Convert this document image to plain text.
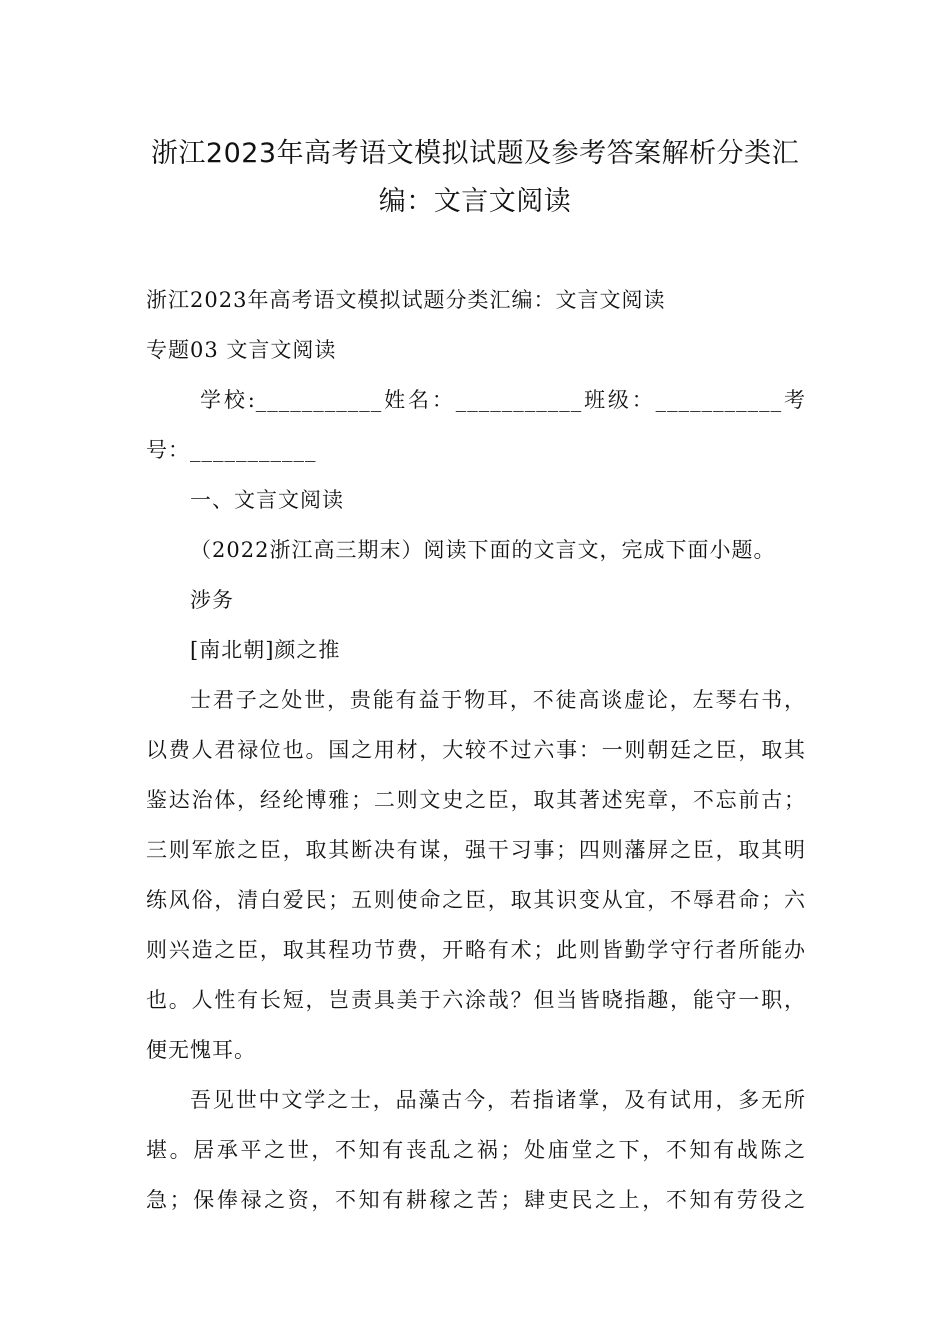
浙江2023年高考语文模拟试题及参考答案解析分类汇
编：文言文阅读
浙江2023年高考语文模拟试题分类汇编：文言文阅读
专题03 文言文阅读
学校:___________姓名：___________班级：___________考
号：___________
一、文言文阅读
（2022浙江高三期末）阅读下面的文言文，完成下面小题。
涉务
[南北朝]颜之推
士君子之处世，贵能有益于物耳，不徒高谈虚论，左琴右书，
以费人君禄位也。国之用材，大较不过六事：一则朝廷之臣，取其
鉴达治体，经纶博雅；二则文史之臣，取其著述宪章，不忘前古；
三则军旅之臣，取其断决有谋，强干习事；四则藩屏之臣，取其明
练风俗，清白爱民；五则使命之臣，取其识变从宜，不辱君命；六
则兴造之臣，取其程功节费，开略有术；此则皆勤学守行者所能办
也。人性有长短，岂责具美于六涂哉？但当皆晓指趣，能守一职，
便无愧耳。
吾见世中文学之士，品藻古今，若指诸掌，及有试用，多无所
堪。居承平之世，不知有丧乱之祸；处庙堂之下，不知有战陈之
急；保俸禄之资，不知有耕稼之苦；肆吏民之上，不知有劳役之
